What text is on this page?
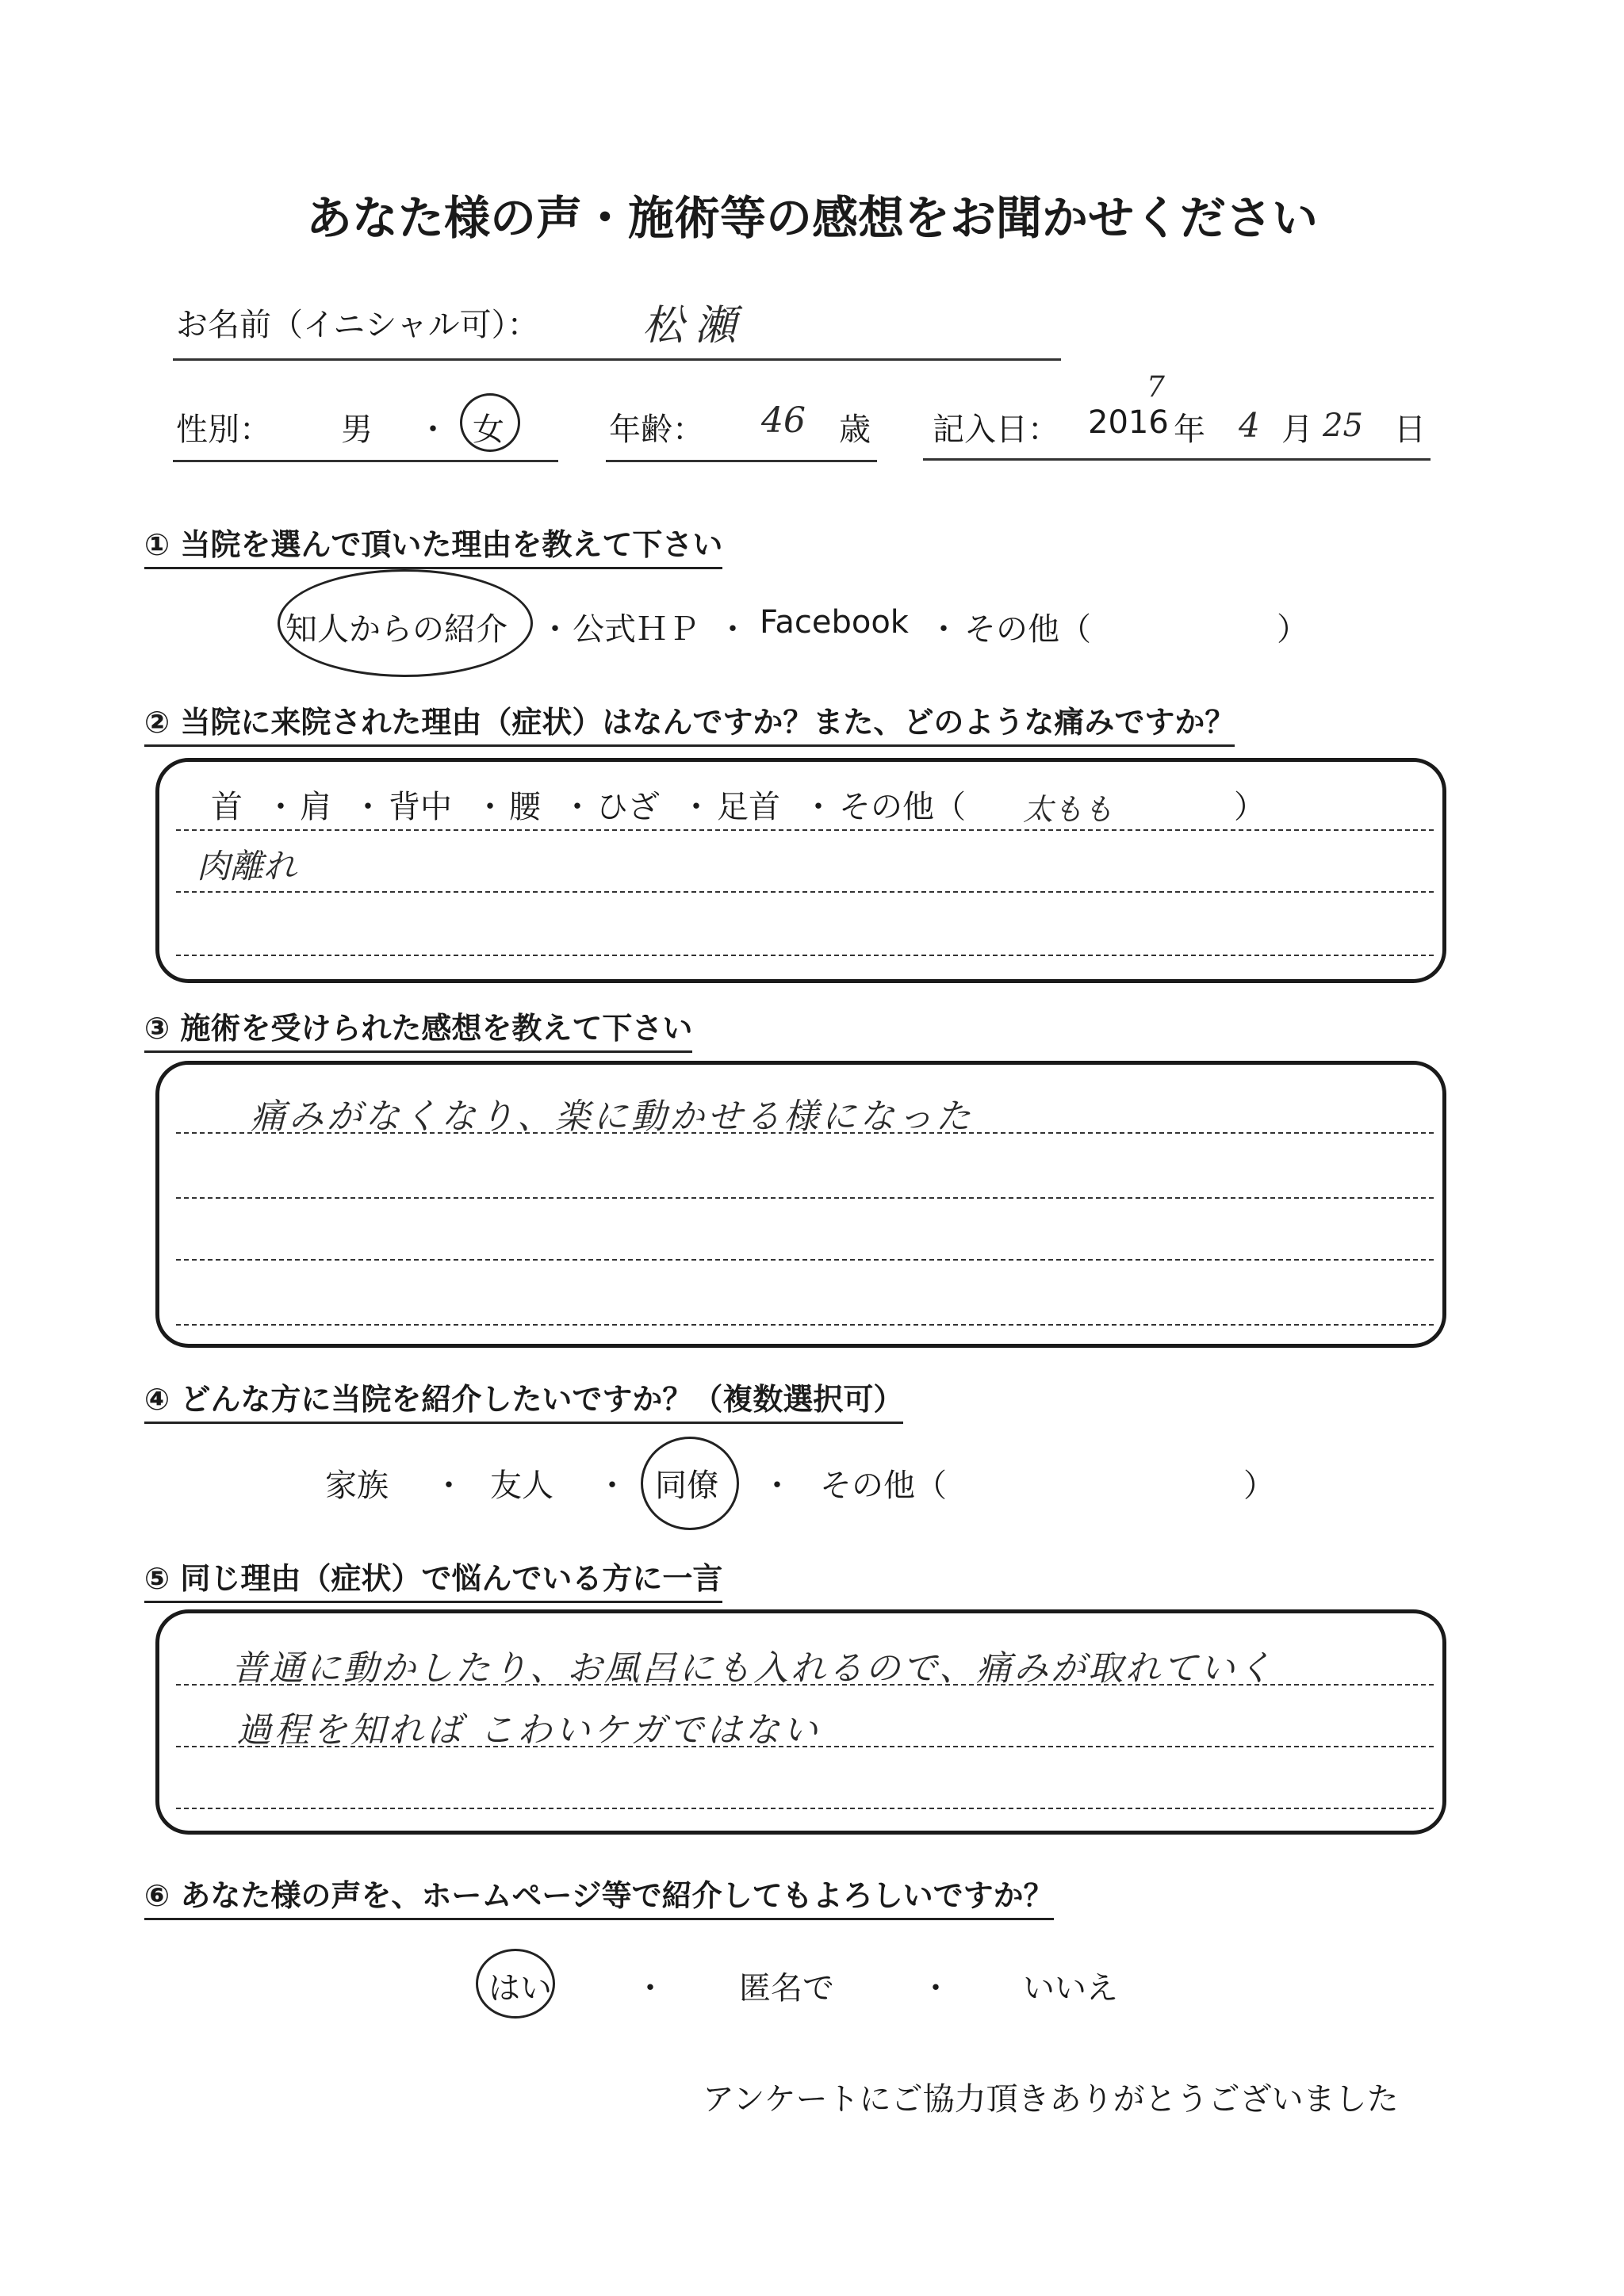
あなた様の声・施術等の感想をお聞かせください
お名前（イニシャル可）：	松瀬
性別： 男 ・ 女	年齢： 46 歳 記入日： 2016
7
年 4 月 25 日
① 当院を選んで頂いた理由を教えて下さい
知人からの紹介 ・ 公式ＨＰ ・ Facebook ・ その他（	）
② 当院に来院された理由（症状）はなんですか？また、どのような痛みですか？
首 ・ 肩 ・ 背中 ・ 腰 ・ ひざ ・ 足首 ・ その他（ 太もも	）
肉離れ
③ 施術を受けられた感想を教えて下さい
痛みがなくなり、楽に動かせる様になった
④ どんな方に当院を紹介したいですか？（複数選択可）
家族 ・ 友人 ・ 同僚 ・ その他（	）
⑤ 同じ理由（症状）で悩んでいる方に一言
普通に動かしたり、お風呂にも入れるので、痛みが取れていく
過程を知れば こわいケガではない
⑥ あなた様の声を、ホームページ等で紹介してもよろしいですか？
はい	・ 匿名で	・ いいえ
アンケートにご協力頂きありがとうございました
